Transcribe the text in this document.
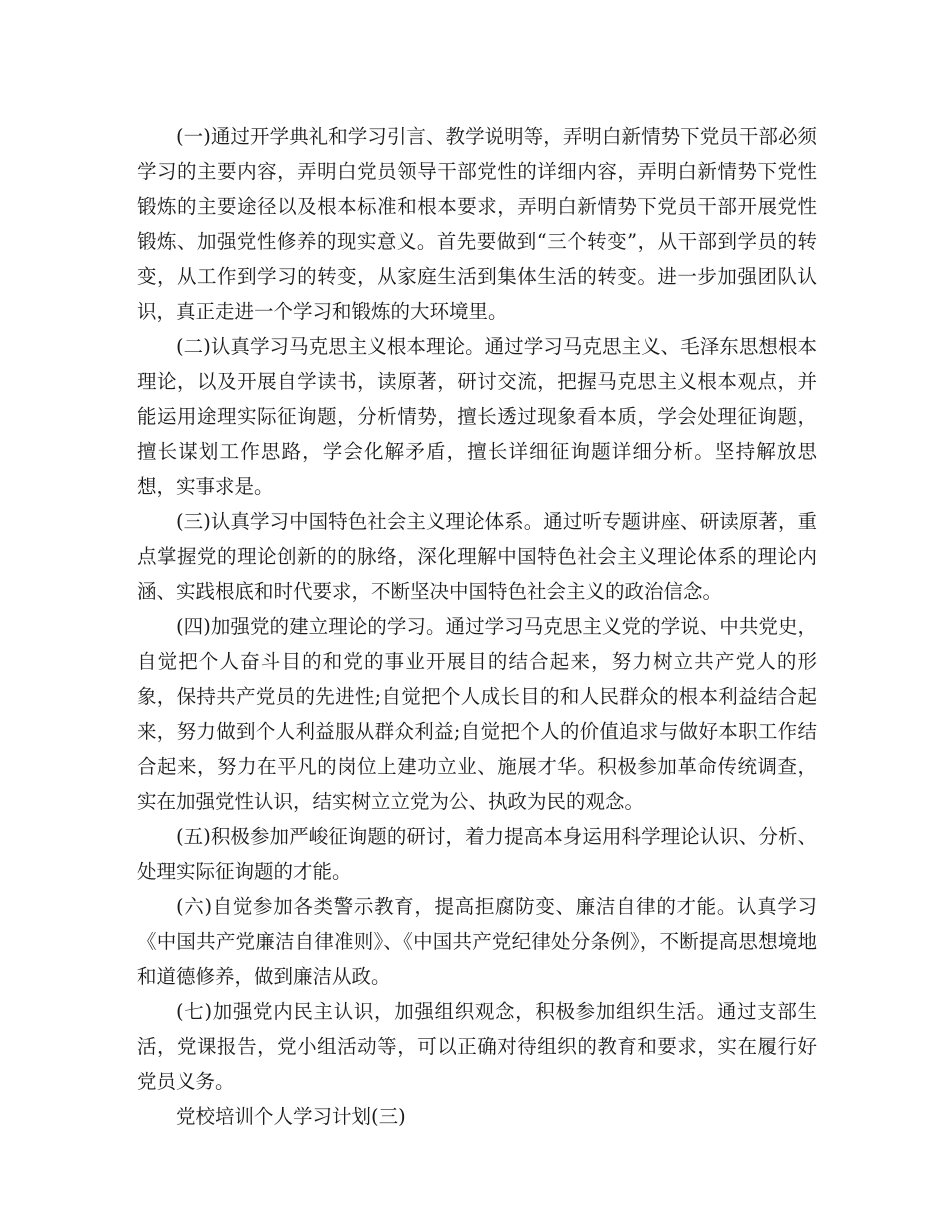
(一)通过开学典礼和学习引言、教学说明等，弄明白新情势下党员干部必须学习的主要内容，弄明白党员领导干部党性的详细内容，弄明白新情势下党性锻炼的主要途径以及根本标准和根本要求，弄明白新情势下党员干部开展党性锻炼、加强党性修养的现实意义。首先要做到“三个转变”，从干部到学员的转变，从工作到学习的转变，从家庭生活到集体生活的转变。进一步加强团队认识，真正走进一个学习和锻炼的大环境里。

(二)认真学习马克思主义根本理论。通过学习马克思主义、毛泽东思想根本理论，以及开展自学读书，读原著，研讨交流，把握马克思主义根本观点，并能运用途理实际征询题，分析情势，擅长透过现象看本质，学会处理征询题，擅长谋划工作思路，学会化解矛盾，擅长详细征询题详细分析。坚持解放思想，实事求是。

(三)认真学习中国特色社会主义理论体系。通过听专题讲座、研读原著，重点掌握党的理论创新的的脉络，深化理解中国特色社会主义理论体系的理论内涵、实践根底和时代要求，不断坚决中国特色社会主义的政治信念。

(四)加强党的建立理论的学习。通过学习马克思主义党的学说、中共党史，自觉把个人奋斗目的和党的事业开展目的结合起来，努力树立共产党人的形象，保持共产党员的先进性;自觉把个人成长目的和人民群众的根本利益结合起来，努力做到个人利益服从群众利益;自觉把个人的价值追求与做好本职工作结合起来，努力在平凡的岗位上建功立业、施展才华。积极参加革命传统调查，实在加强党性认识，结实树立立党为公、执政为民的观念。

(五)积极参加严峻征询题的研讨，着力提高本身运用科学理论认识、分析、处理实际征询题的才能。

(六)自觉参加各类警示教育，提高拒腐防变、廉洁自律的才能。认真学习《中国共产党廉洁自律准则》、《中国共产党纪律处分条例》，不断提高思想境地和道德修养，做到廉洁从政。

(七)加强党内民主认识，加强组织观念，积极参加组织生活。通过支部生活，党课报告，党小组活动等，可以正确对待组织的教育和要求，实在履行好党员义务。

党校培训个人学习计划(三)
